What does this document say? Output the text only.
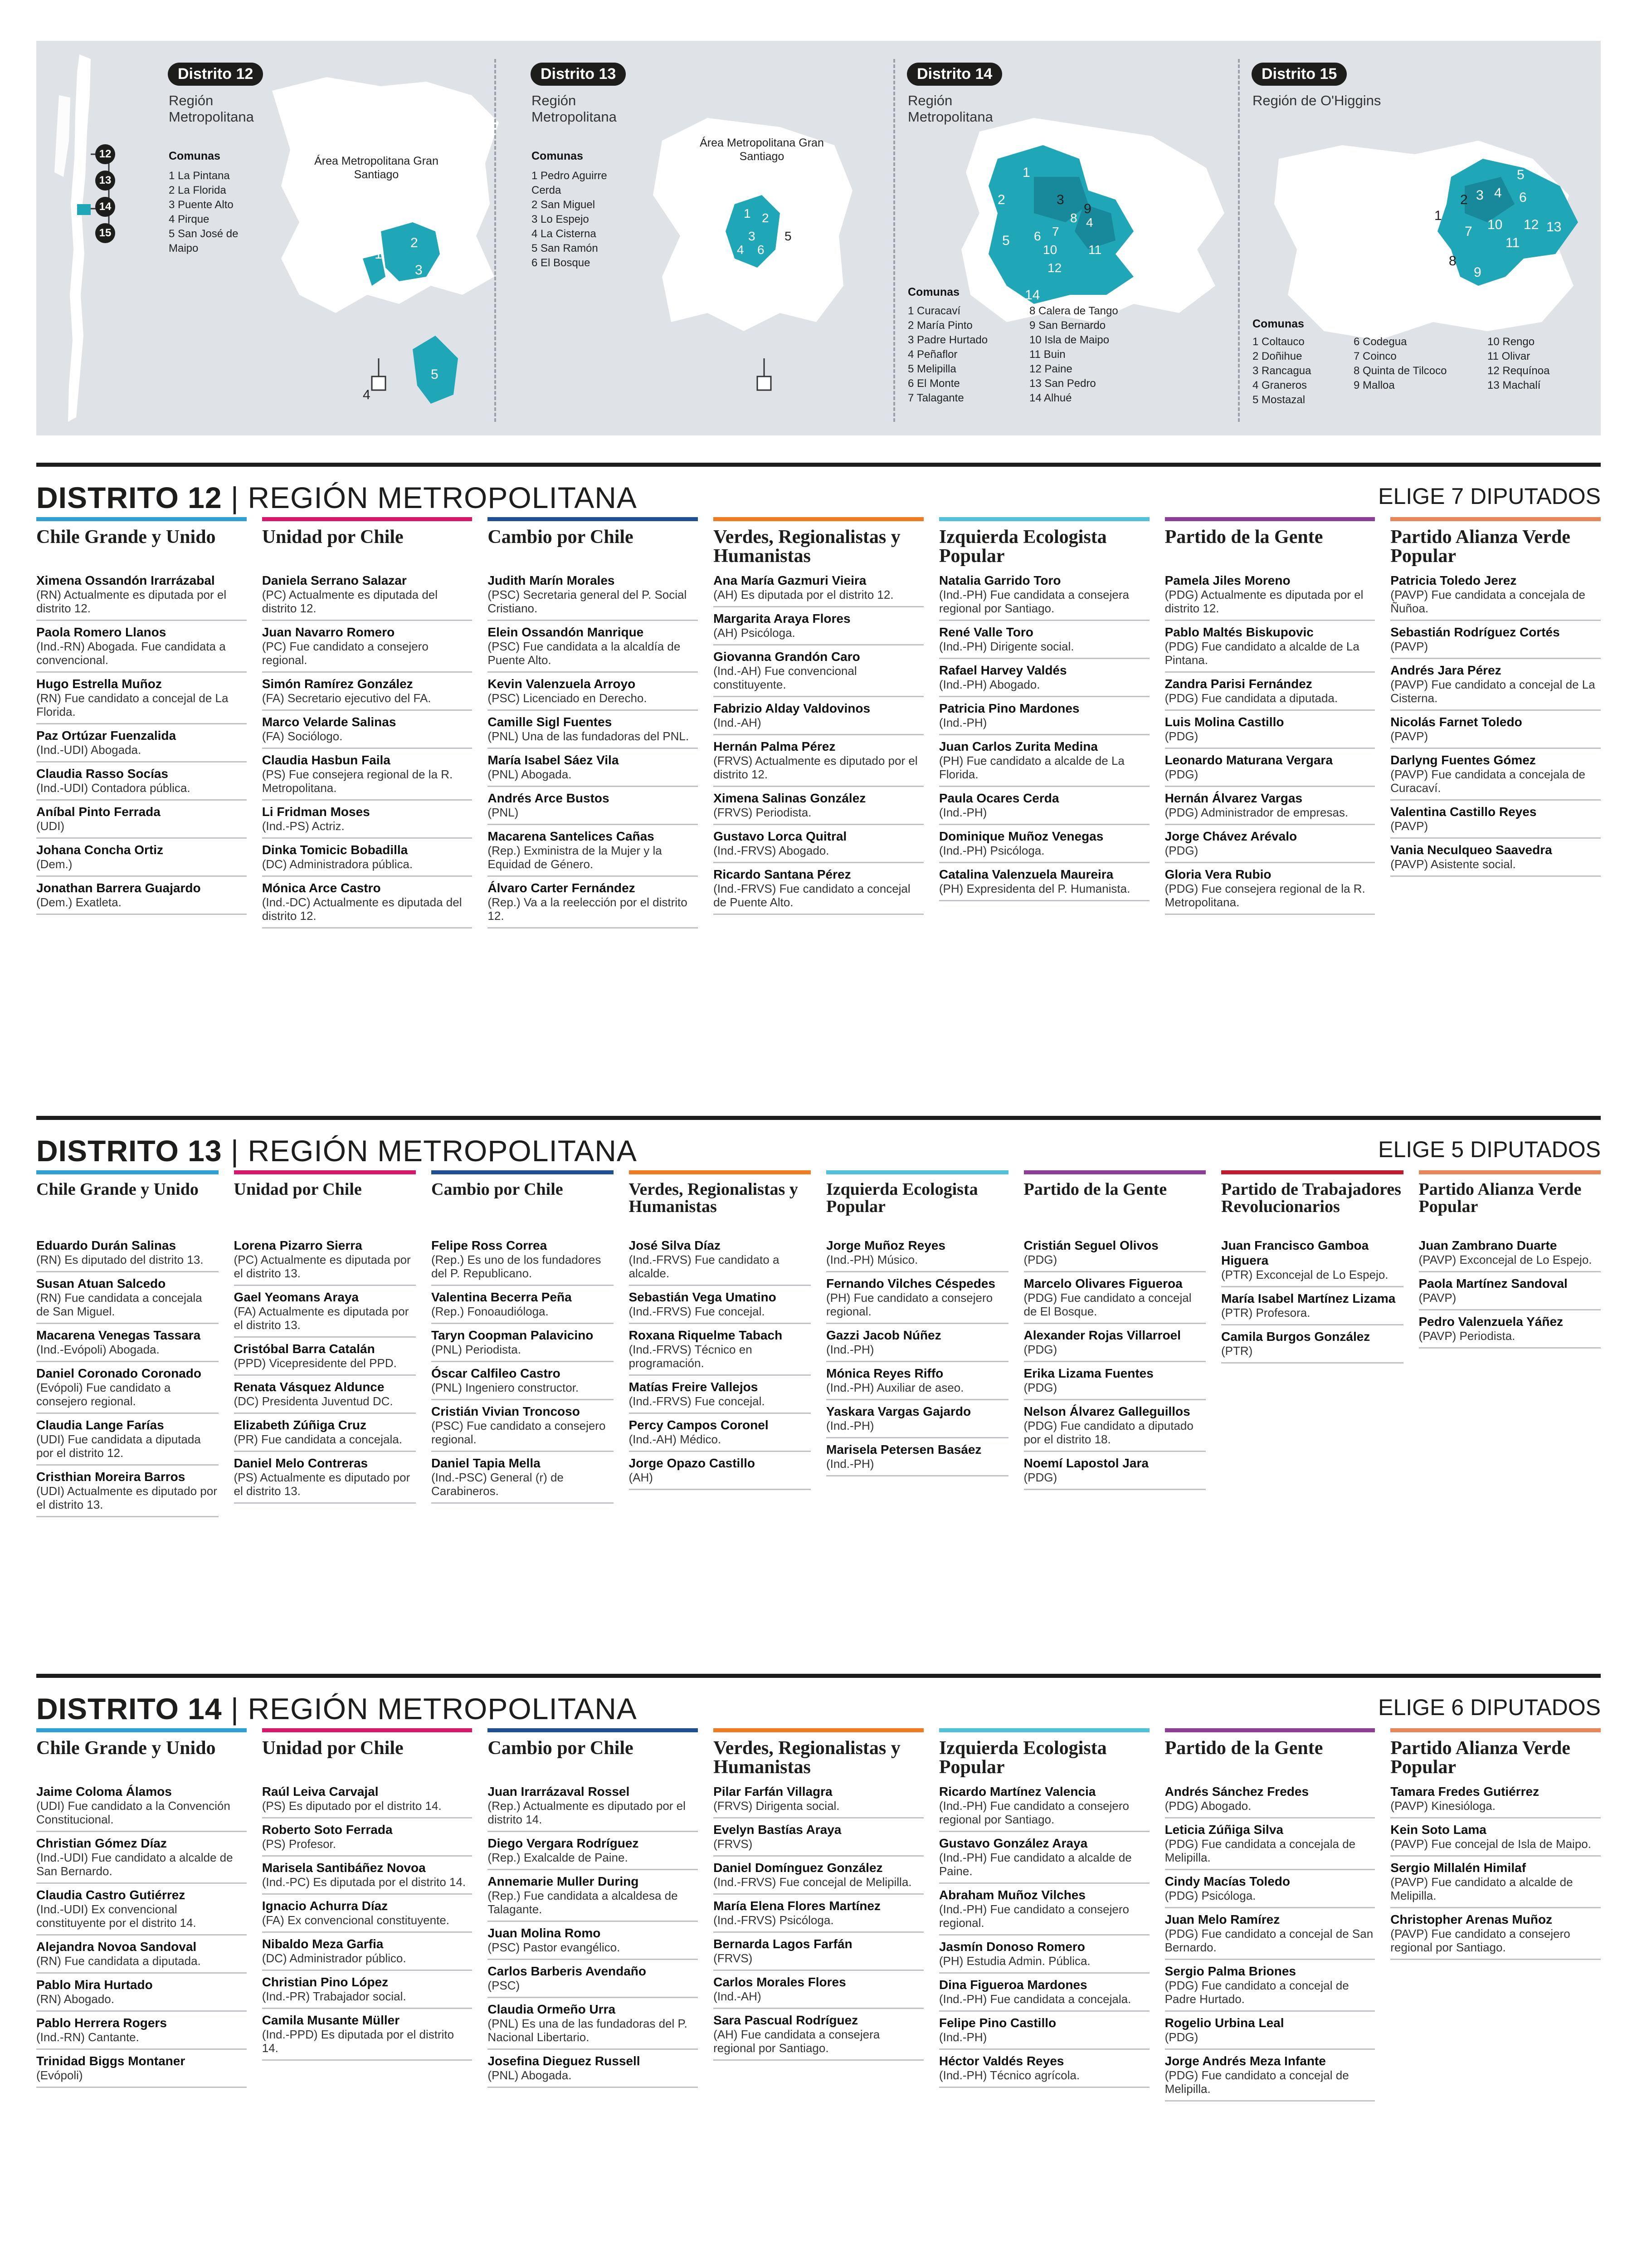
1
2
3
4
5
1 2
3
4
5
6
1
2	3
4
5 6 7
8
9
10 11
12
13
14
1
2 3 4
5
6
7
8
9
10
11
12 13
Distrito 12
Región Metropolitana
Comunas
1 La Pintana
2 La Florida
3 Puente Alto
4 Pirque
5 San José de Maipo
Área Metropolitana Gran Santiago
12
13
14
15
Distrito 13
Región Metropolitana
Comunas
1 Pedro Aguirre Cerda
2 San Miguel
3 Lo Espejo
4 La Cisterna
5 San Ramón
6 El Bosque
Área Metropolitana Gran Santiago
Distrito 14
Región Metropolitana
Comunas
1 Curacaví
2 María Pinto
3 Padre Hurtado
4 Peñaflor
5 Melipilla
6 El Monte
7 Talagante
8 Calera de Tango
9 San Bernardo
10 Isla de Maipo
11 Buin
12 Paine
13 San Pedro
14 Alhué
Distrito 15
Región de O'Higgins
Comunas
1 Coltauco
2 Doñihue
3 Rancagua
4 Graneros
5 Mostazal
6 Codegua
7 Coinco
8 Quinta de Tilcoco
9 Malloa
10 Rengo
11 Olivar
12 Requínoa
13 Machalí
DISTRITO 12 | REGIÓN METROPOLITANA	ELIGE 7 DIPUTADOS
Chile Grande y Unido
Ximena Ossandón Irarrázabal
(RN) Actualmente es diputada por el distrito 12.
Paola Romero Llanos
(Ind.-RN) Abogada. Fue candidata a convencional.
Hugo Estrella Muñoz
(RN) Fue candidato a concejal de La Florida.
Paz Ortúzar Fuenzalida
(Ind.-UDI) Abogada.
Claudia Rasso Socías
(Ind.-UDI) Contadora pública.
Aníbal Pinto Ferrada
(UDI)
Johana Concha Ortiz
(Dem.)
Jonathan Barrera Guajardo
(Dem.) Exatleta.
Unidad por Chile
Daniela Serrano Salazar
(PC) Actualmente es diputada del distrito 12.
Juan Navarro Romero
(PC) Fue candidato a consejero regional.
Simón Ramírez González
(FA) Secretario ejecutivo del FA.
Marco Velarde Salinas
(FA) Sociólogo.
Claudia Hasbun Faila
(PS) Fue consejera regional de la R. Metropolitana.
Li Fridman Moses
(Ind.-PS) Actriz.
Dinka Tomicic Bobadilla
(DC) Administradora pública.
Mónica Arce Castro
(Ind.-DC) Actualmente es diputada del distrito 12.
Cambio por Chile
Judith Marín Morales
(PSC) Secretaria general del P. Social Cristiano.
Elein Ossandón Manrique
(PSC) Fue candidata a la alcaldía de Puente Alto.
Kevin Valenzuela Arroyo
(PSC) Licenciado en Derecho.
Camille Sigl Fuentes
(PNL) Una de las fundadoras del PNL.
María Isabel Sáez Vila
(PNL) Abogada.
Andrés Arce Bustos
(PNL)
Macarena Santelices Cañas
(Rep.) Exministra de la Mujer y la Equidad de Género.
Álvaro Carter Fernández
(Rep.) Va a la reelección por el distrito 12.
Verdes, Regionalistas y Humanistas
Ana María Gazmuri Vieira
(AH) Es diputada por el distrito 12.
Margarita Araya Flores
(AH) Psicóloga.
Giovanna Grandón Caro
(Ind.-AH) Fue convencional constituyente.
Fabrizio Alday Valdovinos
(Ind.-AH)
Hernán Palma Pérez
(FRVS) Actualmente es diputado por el distrito 12.
Ximena Salinas González
(FRVS) Periodista.
Gustavo Lorca Quitral
(Ind.-FRVS) Abogado.
Ricardo Santana Pérez
(Ind.-FRVS) Fue candidato a concejal de Puente Alto.
Izquierda Ecologista Popular
Natalia Garrido Toro
(Ind.-PH) Fue candidata a consejera regional por Santiago.
René Valle Toro
(Ind.-PH) Dirigente social.
Rafael Harvey Valdés
(Ind.-PH) Abogado.
Patricia Pino Mardones
(Ind.-PH)
Juan Carlos Zurita Medina
(PH) Fue candidato a alcalde de La Florida.
Paula Ocares Cerda
(Ind.-PH)
Dominique Muñoz Venegas
(Ind.-PH) Psicóloga.
Catalina Valenzuela Maureira
(PH) Expresidenta del P. Humanista.
Partido de la Gente
Pamela Jiles Moreno
(PDG) Actualmente es diputada por el distrito 12.
Pablo Maltés Biskupovic
(PDG) Fue candidato a alcalde de La Pintana.
Zandra Parisi Fernández
(PDG) Fue candidata a diputada.
Luis Molina Castillo
(PDG)
Leonardo Maturana Vergara
(PDG)
Hernán Álvarez Vargas
(PDG) Administrador de empresas.
Jorge Chávez Arévalo
(PDG)
Gloria Vera Rubio
(PDG) Fue consejera regional de la R. Metropolitana.
Partido Alianza Verde Popular
Patricia Toledo Jerez
(PAVP) Fue candidata a concejala de Ñuñoa.
Sebastián Rodríguez Cortés
(PAVP)
Andrés Jara Pérez
(PAVP) Fue candidato a concejal de La Cisterna.
Nicolás Farnet Toledo
(PAVP)
Darlyng Fuentes Gómez
(PAVP) Fue candidata a concejala de Curacaví.
Valentina Castillo Reyes
(PAVP)
Vania Neculqueo Saavedra
(PAVP) Asistente social.
DISTRITO 13 | REGIÓN METROPOLITANA	ELIGE 5 DIPUTADOS
Chile Grande y Unido
Eduardo Durán Salinas
(RN) Es diputado del distrito 13.
Susan Atuan Salcedo
(RN) Fue candidata a concejala de San Miguel.
Macarena Venegas Tassara
(Ind.-Evópoli) Abogada.
Daniel Coronado Coronado
(Evópoli) Fue candidato a consejero regional.
Claudia Lange Farías
(UDI) Fue candidata a diputada por el distrito 12.
Cristhian Moreira Barros
(UDI) Actualmente es diputado por el distrito 13.
Unidad por Chile
Lorena Pizarro Sierra
(PC) Actualmente es diputada por el distrito 13.
Gael Yeomans Araya
(FA) Actualmente es diputada por el distrito 13.
Cristóbal Barra Catalán
(PPD) Vicepresidente del PPD.
Renata Vásquez Alduncе
(DC) Presidenta Juventud DC.
Elizabeth Zúñiga Cruz
(PR) Fue candidata a concejala.
Daniel Melo Contreras
(PS) Actualmente es diputado por el distrito 13.
Cambio por Chile
Felipe Ross Correa
(Rep.) Es uno de los fundadores del P. Republicano.
Valentina Becerra Peña
(Rep.) Fonoaudióloga.
Taryn Coopman Palavicino
(PNL) Periodista.
Óscar Calfileo Castro
(PNL) Ingeniero constructor.
Cristián Vivian Troncoso
(PSC) Fue candidato a consejero regional.
Daniel Tapia Mella
(Ind.-PSC) General (r) de Carabineros.
Verdes, Regionalistas y Humanistas
José Silva Díaz
(Ind.-FRVS) Fue candidato a alcalde.
Sebastián Vega Umatino
(Ind.-FRVS) Fue concejal.
Roxana Riquelme Tabach
(Ind.-FRVS) Técnico en programación.
Matías Freire Vallejos
(Ind.-FRVS) Fue concejal.
Percy Campos Coronel
(Ind.-AH) Médico.
Jorge Opazo Castillo
(AH)
Izquierda Ecologista Popular
Jorge Muñoz Reyes
(Ind.-PH) Músico.
Fernando Vilches Céspedes
(PH) Fue candidato a consejero regional.
Gazzi Jacob Núñez
(Ind.-PH)
Mónica Reyes Riffo
(Ind.-PH) Auxiliar de aseo.
Yaskara Vargas Gajardo
(Ind.-PH)
Marisela Petersen Basáez
(Ind.-PH)
Partido de la Gente
Cristián Seguel Olivos
(PDG)
Marcelo Olivares Figueroa
(PDG) Fue candidato a concejal de El Bosque.
Alexander Rojas Villarroel
(PDG)
Erika Lizama Fuentes
(PDG)
Nelson Álvarez Galleguillos
(PDG) Fue candidato a diputado por el distrito 18.
Noemí Lapostol Jara
(PDG)
Partido de Trabajadores Revolucionarios
Juan Francisco Gamboa Higuera
(PTR) Exconcejal de Lo Espejo.
María Isabel Martínez Lizama
(PTR) Profesora.
Camila Burgos González
(PTR)
Partido Alianza Verde Popular
Juan Zambrano Duarte
(PAVP) Exconcejal de Lo Espejo.
Paola Martínez Sandoval
(PAVP)
Pedro Valenzuela Yáñez
(PAVP) Periodista.
DISTRITO 14 | REGIÓN METROPOLITANA	ELIGE 6 DIPUTADOS
Chile Grande y Unido
Jaime Coloma Álamos
(UDI) Fue candidato a la Convención Constitucional.
Christian Gómez Díaz
(Ind.-UDI) Fue candidato a alcalde de San Bernardo.
Claudia Castro Gutiérrez
(Ind.-UDI) Ex convencional constituyente por el distrito 14.
Alejandra Novoa Sandoval
(RN) Fue candidata a diputada.
Pablo Mira Hurtado
(RN) Abogado.
Pablo Herrera Rogers
(Ind.-RN) Cantante.
Trinidad Biggs Montaner
(Evópoli)
Unidad por Chile
Raúl Leiva Carvajal
(PS) Es diputado por el distrito 14.
Roberto Soto Ferrada
(PS) Profesor.
Marisela Santibáñez Novoa
(Ind.-PC) Es diputada por el distrito 14.
Ignacio Achurra Díaz
(FA) Ex convencional constituyente.
Nibaldo Meza Garfia
(DC) Administrador público.
Christian Pino López
(Ind.-PR) Trabajador social.
Camila Musante Müller
(Ind.-PPD) Es diputada por el distrito 14.
Cambio por Chile
Juan Irarrázaval Rossel
(Rep.) Actualmente es diputado por el distrito 14.
Diego Vergara Rodríguez
(Rep.) Exalcalde de Paine.
Annemarie Muller During
(Rep.) Fue candidata a alcaldesa de Talagante.
Juan Molina Romo
(PSC) Pastor evangélico.
Carlos Barberis Avendaño
(PSC)
Claudia Ormeño Urra
(PNL) Es una de las fundadoras del P. Nacional Libertario.
Josefina Dieguez Russell
(PNL) Abogada.
Verdes, Regionalistas y Humanistas
Pilar Farfán Villagra
(FRVS) Dirigenta social.
Evelyn Bastías Araya
(FRVS)
Daniel Domínguez González
(Ind.-FRVS) Fue concejal de Melipilla.
María Elena Flores Martínez
(Ind.-FRVS) Psicóloga.
Bernarda Lagos Farfán
(FRVS)
Carlos Morales Flores
(Ind.-AH)
Sara Pascual Rodríguez
(AH) Fue candidata a consejera regional por Santiago.
Izquierda Ecologista Popular
Ricardo Martínez Valencia
(Ind.-PH) Fue candidato a consejero regional por Santiago.
Gustavo González Araya
(Ind.-PH) Fue candidato a alcalde de Paine.
Abraham Muñoz Vilches
(Ind.-PH) Fue candidato a consejero regional.
Jasmín Donoso Romero
(PH) Estudia Admin. Pública.
Dina Figueroa Mardones
(Ind.-PH) Fue candidata a concejala.
Felipe Pino Castillo
(Ind.-PH)
Héctor Valdés Reyes
(Ind.-PH) Técnico agrícola.
Partido de la Gente
Andrés Sánchez Fredes
(PDG) Abogado.
Leticia Zúñiga Silva
(PDG) Fue candidata a concejala de Melipilla.
Cindy Macías Toledo
(PDG) Psicóloga.
Juan Melo Ramírez
(PDG) Fue candidato a concejal de San Bernardo.
Sergio Palma Briones
(PDG) Fue candidato a concejal de Padre Hurtado.
Rogelio Urbina Leal
(PDG)
Jorge Andrés Meza Infante
(PDG) Fue candidato a concejal de Melipilla.
Partido Alianza Verde Popular
Tamara Fredes Gutiérrez
(PAVP) Kinesióloga.
Kein Soto Lama
(PAVP) Fue concejal de Isla de Maipo.
Sergio Millalén Himilaf
(PAVP) Fue candidato a alcalde de Melipilla.
Christopher Arenas Muñoz
(PAVP) Fue candidato a consejero regional por Santiago.
